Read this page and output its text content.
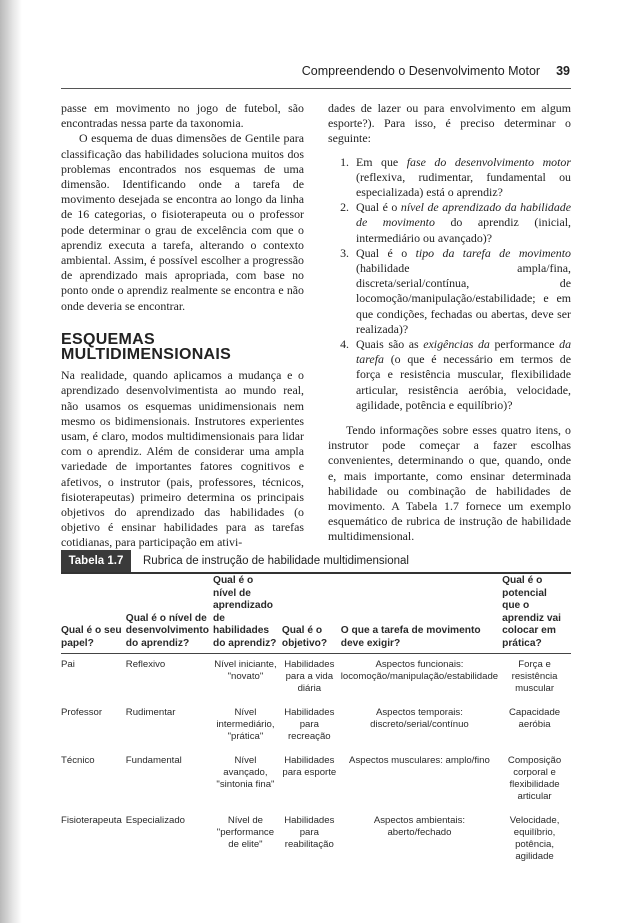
Compreendendo o Desenvolvimento Motor 39

passe em movimento no jogo de futebol, são encontradas nessa parte da taxonomia.

O esquema de duas dimensões de Gentile para classificação das habilidades soluciona muitos dos problemas encontrados nos esquemas de uma dimensão. Identificando onde a tarefa de movimento desejada se encontra ao longo da linha de 16 categorias, o fisioterapeuta ou o professor pode determinar o grau de excelência com que o aprendiz executa a tarefa, alterando o contexto ambiental. Assim, é possível escolher a progressão de aprendizado mais apropriada, com base no ponto onde o aprendiz realmente se encontra e não onde deveria se encontrar.

ESQUEMAS MULTIDIMENSIONAIS

Na realidade, quando aplicamos a mudança e o aprendizado desenvolvimentista ao mundo real, não usamos os esquemas unidimensionais nem mesmo os bidimensionais. Instrutores experientes usam, é claro, modos multidimensionais para lidar com o aprendiz. Além de considerar uma ampla variedade de importantes fatores cognitivos e afetivos, o instrutor (pais, professores, técnicos, fisioterapeutas) primeiro determina os principais objetivos do aprendizado das habilidades (o objetivo é ensinar habilidades para as tarefas cotidianas, para participação em ativi-

dades de lazer ou para envolvimento em algum esporte?). Para isso, é preciso determinar o seguinte:

1. Em que fase do desenvolvimento motor (reflexiva, rudimentar, fundamental ou especializada) está o aprendiz?
2. Qual é o nível de aprendizado da habilidade de movimento do aprendiz (inicial, intermediário ou avançado)?
3. Qual é o tipo da tarefa de movimento (habilidade ampla/fina, discreta/serial/contínua, de locomoção/manipulação/estabilidade; e em que condições, fechadas ou abertas, deve ser realizada)?
4. Quais são as exigências da performance da tarefa (o que é necessário em termos de força e resistência muscular, flexibilidade articular, resistência aeróbia, velocidade, agilidade, potência e equilíbrio)?

Tendo informações sobre esses quatro itens, o instrutor pode começar a fazer escolhas convenientes, determinando o que, quando, onde e, mais importante, como ensinar determinada habilidade ou combinação de habilidades de movimento. A Tabela 1.7 fornece um exemplo esquemático de rubrica de instrução de habilidade multidimensional.

Tabela 1.7	Rubrica de instrução de habilidade multidimensional
Qual é o seu papel?	Qual é o nível de desenvolvimento do aprendiz?	Qual é o nível de aprendizado de habilidades do aprendiz?	Qual é o objetivo?	O que a tarefa de movimento deve exigir?	Qual é o potencial que o aprendiz vai colocar em prática?
Pai	Reflexivo	Nível iniciante, "novato"	Habilidades para a vida diária	Aspectos funcionais: locomoção/manipulação/estabilidade	Força e resistência muscular
Professor	Rudimentar	Nível intermediário, "prática"	Habilidades para recreação	Aspectos temporais: discreto/serial/contínuo	Capacidade aeróbia
Técnico	Fundamental	Nível avançado, "sintonia fina"	Habilidades para esporte	Aspectos musculares: amplo/fino	Composição corporal e flexibilidade articular
Fisioterapeuta	Especializado	Nível de "performance de elite"	Habilidades para reabilitação	Aspectos ambientais: aberto/fechado	Velocidade, equilíbrio, potência, agilidade
